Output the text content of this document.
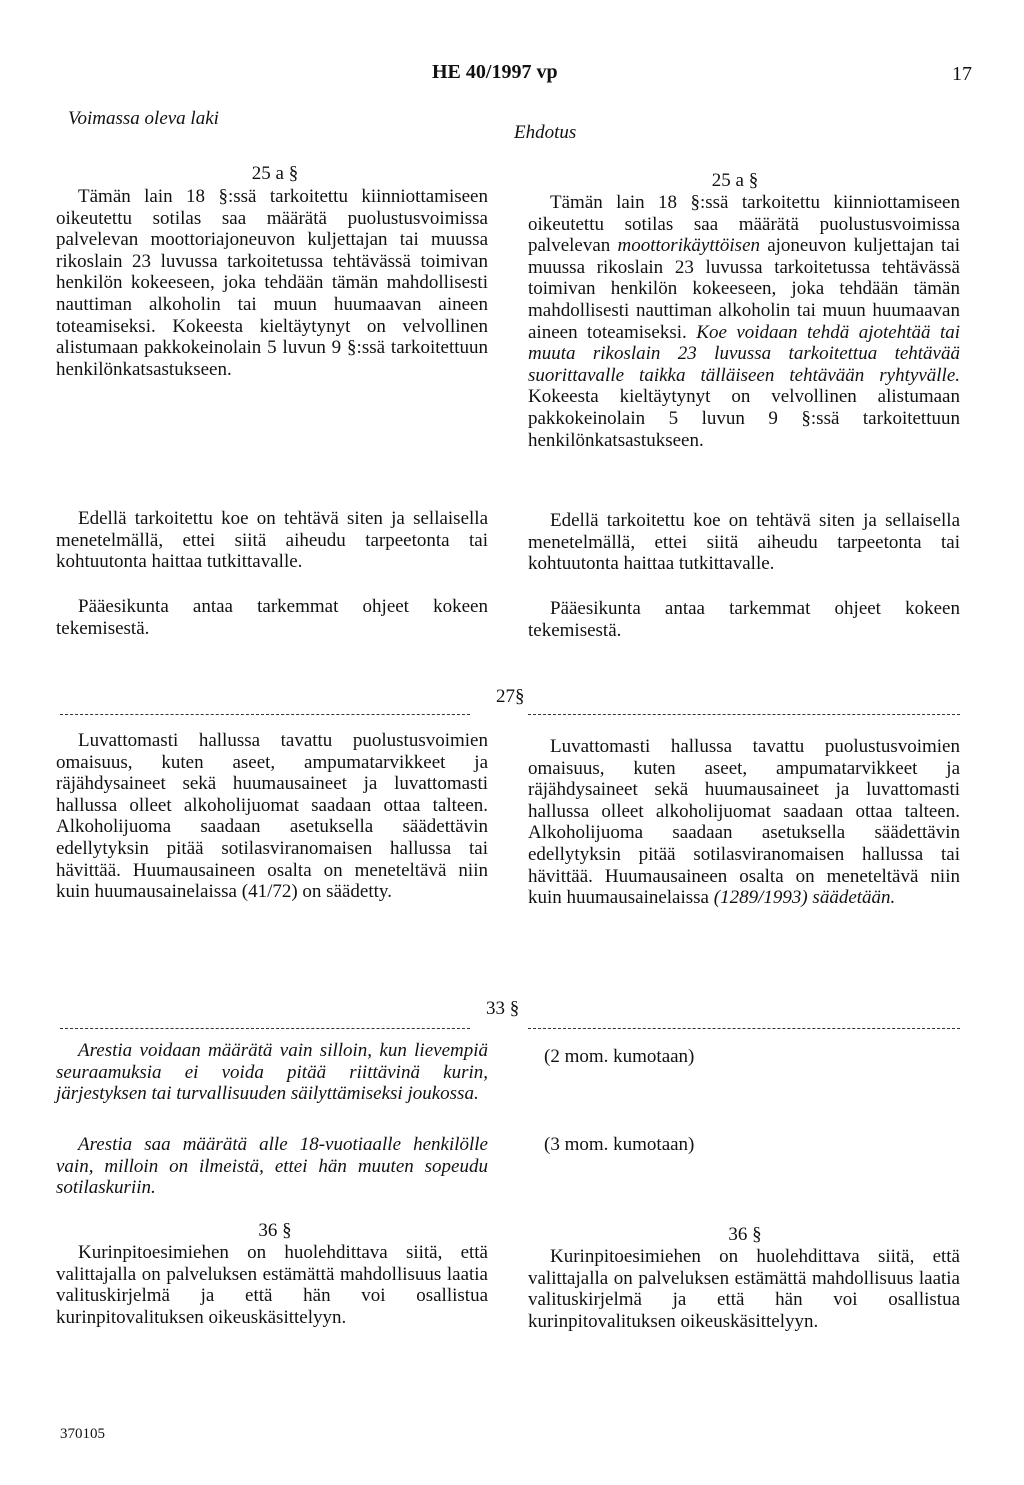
HE 40/1997 vp	17
Voimassa oleva laki
Ehdotus
25 a §
Tämän lain 18 §:ssä tarkoitettu kiinniottamiseen oikeutettu sotilas saa määrätä puolustusvoimissa palvelevan moottoriajoneuvon kuljettajan tai muussa rikoslain 23 luvussa tarkoitetussa tehtävässä toimivan henkilön kokeeseen, joka tehdään tämän mahdollisesti nauttiman alkoholin tai muun huumaavan aineen toteamiseksi. Kokeesta kieltäytynyt on velvollinen alistumaan pakkokeinolain 5 luvun 9 §:ssä tarkoitettuun henkilönkatsastukseen.
Edellä tarkoitettu koe on tehtävä siten ja sellaisella menetelmällä, ettei siitä aiheudu tarpeetonta tai kohtuutonta haittaa tutkittavalle.
Pääesikunta antaa tarkemmat ohjeet kokeen tekemisestä.
25 a §
Tämän lain 18 §:ssä tarkoitettu kiinniottamiseen oikeutettu sotilas saa määrätä puolustusvoimissa palvelevan moottorikäyttöisen ajoneuvon kuljettajan tai muussa rikoslain 23 luvussa tarkoitetussa tehtävässä toimivan henkilön kokeeseen, joka tehdään tämän mahdollisesti nauttiman alkoholin tai muun huumaavan aineen toteamiseksi. Koe voidaan tehdä ajotehtää tai muuta rikoslain 23 luvussa tarkoitettua tehtävää suorittavalle taikka tälläiseen tehtävään ryhtyvälle. Kokeesta kieltäytynyt on velvollinen alistumaan pakkokeinolain 5 luvun 9 §:ssä tarkoitettuun henkilönkatsastukseen.
Edellä tarkoitettu koe on tehtävä siten ja sellaisella menetelmällä, ettei siitä aiheudu tarpeetonta tai kohtuutonta haittaa tutkittavalle.
Pääesikunta antaa tarkemmat ohjeet kokeen tekemisestä.
27§
Luvattomasti hallussa tavattu puolustusvoimien omaisuus, kuten aseet, ampumatarvikkeet ja räjähdysaineet sekä huumausaineet ja luvattomasti hallussa olleet alkoholijuomat saadaan ottaa talteen. Alkoholijuoma saadaan asetuksella säädettävin edellytyksin pitää sotilasviranomaisen hallussa tai hävittää. Huumausaineen osalta on meneteltävä niin kuin huumausainelaissa (41/72) on säädetty.
Luvattomasti hallussa tavattu puolustusvoimien omaisuus, kuten aseet, ampumatarvikkeet ja räjähdysaineet sekä huumausaineet ja luvattomasti hallussa olleet alkoholijuomat saadaan ottaa talteen. Alkoholijuoma saadaan asetuksella säädettävin edellytyksin pitää sotilasviranomaisen hallussa tai hävittää. Huumausaineen osalta on meneteltävä niin kuin huumausainelaissa (1289/1993) säädetään.
33 §
Arestia voidaan määrätä vain silloin, kun lievempiä seuraamuksia ei voida pitää riittävinä kurin, järjestyksen tai turvallisuuden säilyttämiseksi joukossa.
Arestia saa määrätä alle 18-vuotiaalle henkilölle vain, milloin on ilmeistä, ettei hän muuten sopeudu sotilaskuriin.
(2 mom. kumotaan)
(3 mom. kumotaan)
36 §
Kurinpitoesimiehen on huolehdittava siitä, että valittajalla on palveluksen estämättä mahdollisuus laatia valituskirjelmä ja että hän voi osallistua kurinpitovalituksen oikeuskäsittelyyn.
36 §
Kurinpitoesimiehen on huolehdittava siitä, että valittajalla on palveluksen estämättä mahdollisuus laatia valituskirjelmä ja että hän voi osallistua kurinpitovalituksen oikeuskäsittelyyn.
370105
